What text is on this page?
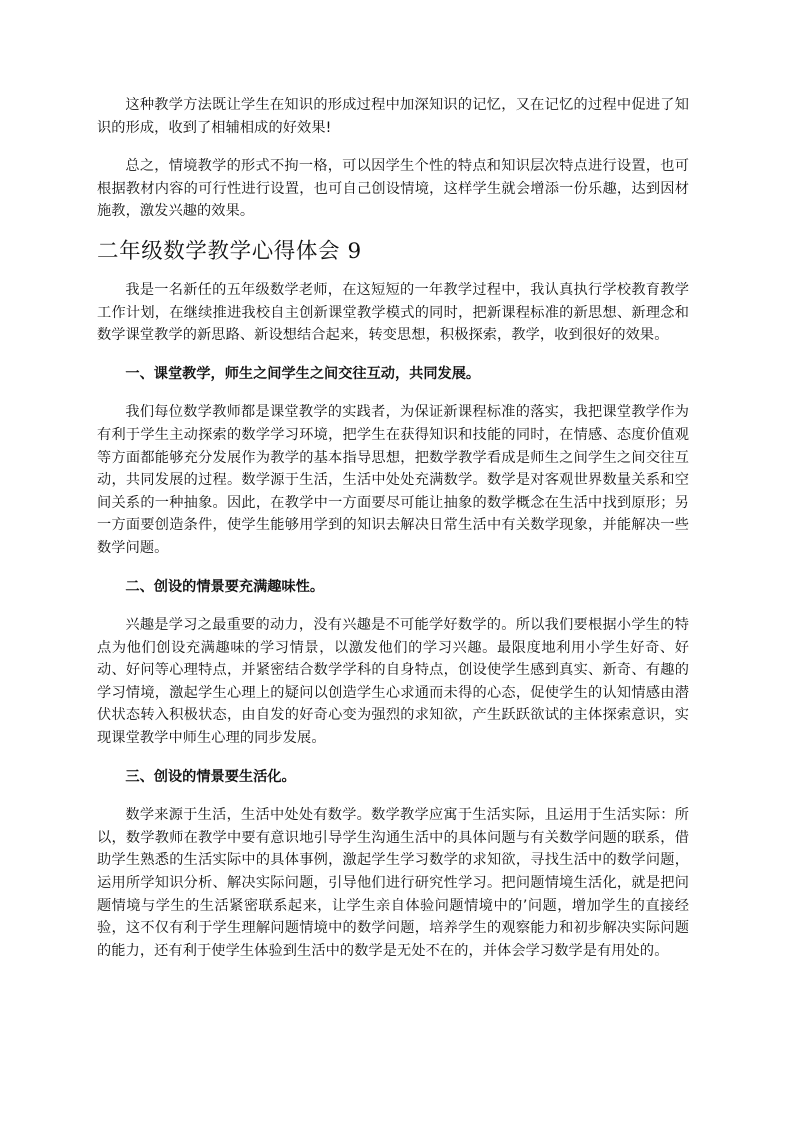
这种教学方法既让学生在知识的形成过程中加深知识的记忆，又在记忆的过程中促进了知识的形成，收到了相辅相成的好效果!

总之，情境教学的形式不拘一格，可以因学生个性的特点和知识层次特点进行设置，也可根据教材内容的可行性进行设置，也可自己创设情境，这样学生就会增添一份乐趣，达到因材施教，激发兴趣的效果。

二年级数学教学心得体会 9

我是一名新任的五年级数学老师，在这短短的一年教学过程中，我认真执行学校教育教学工作计划，在继续推进我校自主创新课堂教学模式的同时，把新课程标准的新思想、新理念和数学课堂教学的新思路、新设想结合起来，转变思想，积极探索，教学，收到很好的效果。

一、课堂教学，师生之间学生之间交往互动，共同发展。

我们每位数学教师都是课堂教学的实践者，为保证新课程标准的落实，我把课堂教学作为有利于学生主动探索的数学学习环境，把学生在获得知识和技能的同时，在情感、态度价值观等方面都能够充分发展作为教学的基本指导思想，把数学教学看成是师生之间学生之间交往互动，共同发展的过程。数学源于生活，生活中处处充满数学。数学是对客观世界数量关系和空间关系的一种抽象。因此，在教学中一方面要尽可能让抽象的数学概念在生活中找到原形；另一方面要创造条件，使学生能够用学到的知识去解决日常生活中有关数学现象，并能解决一些数学问题。

二、创设的情景要充满趣味性。

兴趣是学习之最重要的动力，没有兴趣是不可能学好数学的。所以我们要根据小学生的特点为他们创设充满趣味的学习情景，以激发他们的学习兴趣。最限度地利用小学生好奇、好动、好问等心理特点，并紧密结合数学学科的自身特点，创设使学生感到真实、新奇、有趣的学习情境，激起学生心理上的疑问以创造学生心求通而未得的心态，促使学生的认知情感由潜伏状态转入积极状态，由自发的好奇心变为强烈的求知欲，产生跃跃欲试的主体探索意识，实现课堂教学中师生心理的同步发展。

三、创设的情景要生活化。

数学来源于生活，生活中处处有数学。数学教学应寓于生活实际，且运用于生活实际：所以，数学教师在教学中要有意识地引导学生沟通生活中的具体问题与有关数学问题的联系，借助学生熟悉的生活实际中的具体事例，激起学生学习数学的求知欲，寻找生活中的数学问题，运用所学知识分析、解决实际问题，引导他们进行研究性学习。把问题情境生活化，就是把问题情境与学生的生活紧密联系起来，让学生亲自体验问题情境中的’问题，增加学生的直接经验，这不仅有利于学生理解问题情境中的数学问题，培养学生的观察能力和初步解决实际问题的能力，还有利于使学生体验到生活中的数学是无处不在的，并体会学习数学是有用处的。
